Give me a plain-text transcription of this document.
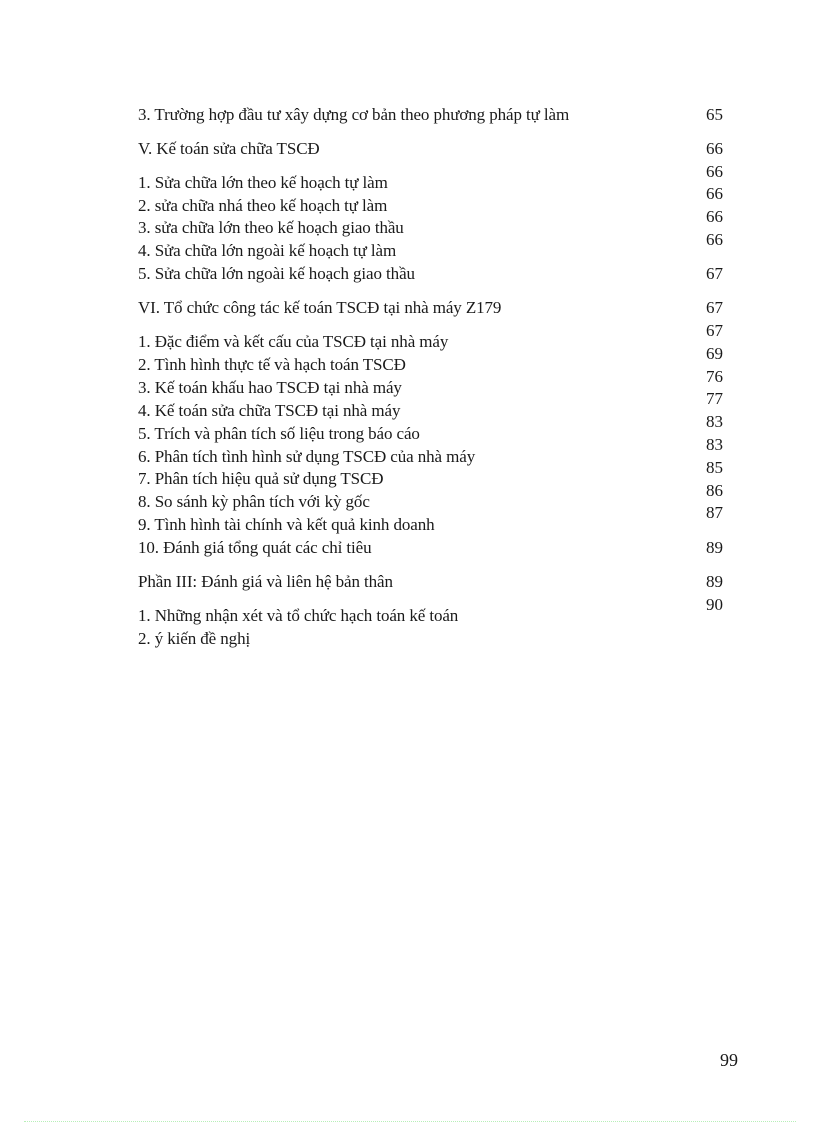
3. Trường hợp đầu tư xây dựng cơ bản theo phương pháp tự làm
V. Kế toán sửa chữa TSCĐ
1. Sửa chữa lớn theo kế hoạch tự làm
2. sửa chữa nhá theo kế hoạch tự làm
3. sửa chữa lớn theo kế hoạch giao thầu
4. Sửa chữa lớn ngoài kế hoạch tự làm
5. Sửa chữa lớn ngoài kế hoạch giao thầu
VI. Tổ chức công tác kế toán TSCĐ tại nhà máy Z179
1. Đặc điểm và kết cấu của TSCĐ tại nhà máy
2. Tình hình thực tế và hạch toán TSCĐ
3. Kế toán khấu hao TSCĐ tại nhà máy
4. Kế toán sửa chữa TSCĐ tại nhà máy
5. Trích và phân tích số liệu trong báo cáo
6. Phân tích tình hình sử dụng TSCĐ của nhà máy
7. Phân tích hiệu quả sử dụng TSCĐ
8. So sánh kỳ phân tích với kỳ gốc
9. Tình hình tài chính và kết quả kinh doanh
10. Đánh giá tổng quát các chỉ tiêu
Phần III: Đánh giá và liên hệ bản thân
1. Những nhận xét và tổ chức hạch toán kế toán
2. ý kiến đề nghị
65
66
66
66
66
66
67
67
67
69
76
77
83
83
85
86
87
89
89
90
99
